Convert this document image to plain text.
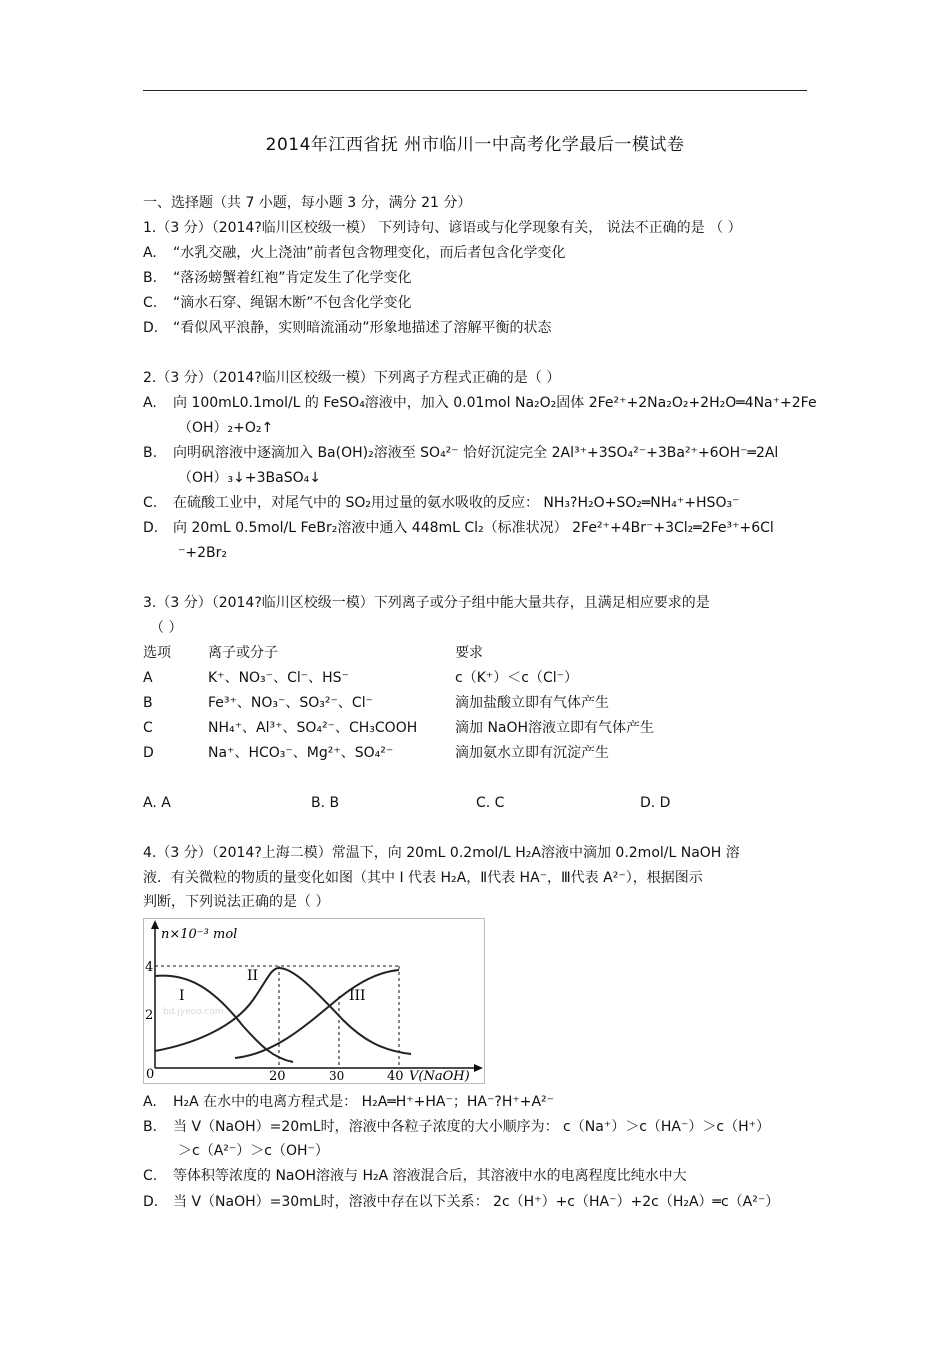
2014年江西省抚 州市临川一中高考化学最后一模试卷
一、选择题（共 7 小题，每小题 3 分，满分 21 分）
1.（3 分）（2014?临川区校级一模） 下列诗句、谚语或与化学现象有关， 说法不正确的是 （ ）
A. “水乳交融，火上浇油”前者包含物理变化，而后者包含化学变化
B. “落汤螃蟹着红袍”肯定发生了化学变化
C. “滴水石穿、绳锯木断”不包含化学变化
D. “看似风平浪静，实则暗流涌动”形象地描述了溶解平衡的状态
2.（3 分）（2014?临川区校级一模）下列离子方程式正确的是（ ）
A. 向 100mL0.1mol/L 的 FeSO₄溶液中，加入 0.01mol Na₂O₂固体 2Fe²⁺+2Na₂O₂+2H₂O═4Na⁺+2Fe
（OH）₂+O₂↑
B. 向明矾溶液中逐滴加入 Ba(OH)₂溶液至 SO₄²⁻ 恰好沉淀完全 2Al³⁺+3SO₄²⁻+3Ba²⁺+6OH⁻═2Al
（OH）₃↓+3BaSO₄↓
C. 在硫酸工业中，对尾气中的 SO₂用过量的氨水吸收的反应： NH₃?H₂O+SO₂═NH₄⁺+HSO₃⁻
D. 向 20mL 0.5mol/L FeBr₂溶液中通入 448mL Cl₂（标准状况） 2Fe²⁺+4Br⁻+3Cl₂═2Fe³⁺+6Cl
⁻+2Br₂
3.（3 分）（2014?临川区校级一模）下列离子或分子组中能大量共存，且满足相应要求的是
（ ）
选项	离子或分子	要求
A	K⁺、NO₃⁻、Cl⁻、HS⁻	c（K⁺）＜c（Cl⁻）
B	Fe³⁺、NO₃⁻、SO₃²⁻、Cl⁻	滴加盐酸立即有气体产生
C	NH₄⁺、Al³⁺、SO₄²⁻、CH₃COOH	滴加 NaOH溶液立即有气体产生
D	Na⁺、HCO₃⁻、Mg²⁺、SO₄²⁻	滴加氨水立即有沉淀产生
A. A	B. B	C. C	D. D
4.（3 分）（2014?上海二模）常温下，向 20mL 0.2mol/L H₂A溶液中滴加 0.2mol/L NaOH 溶
液．有关微粒的物质的量变化如图（其中 I 代表 H₂A，Ⅱ代表 HA⁻，Ⅲ代表 A²⁻），根据图示
判断，下列说法正确的是（ ）
n×10⁻³ mol
V(NaOH)
0
2
4
20	30	40
I
II
III
bd.jyeoo.com
A. H₂A 在水中的电离方程式是： H₂A═H⁺+HA⁻；HA⁻?H⁺+A²⁻
B. 当 V（NaOH）=20mL时，溶液中各粒子浓度的大小顺序为： c（Na⁺）＞c（HA⁻）＞c（H⁺）
＞c（A²⁻）＞c（OH⁻）
C. 等体积等浓度的 NaOH溶液与 H₂A 溶液混合后，其溶液中水的电离程度比纯水中大
D. 当 V（NaOH）=30mL时，溶液中存在以下关系： 2c（H⁺）+c（HA⁻）+2c（H₂A）═c（A²⁻）
